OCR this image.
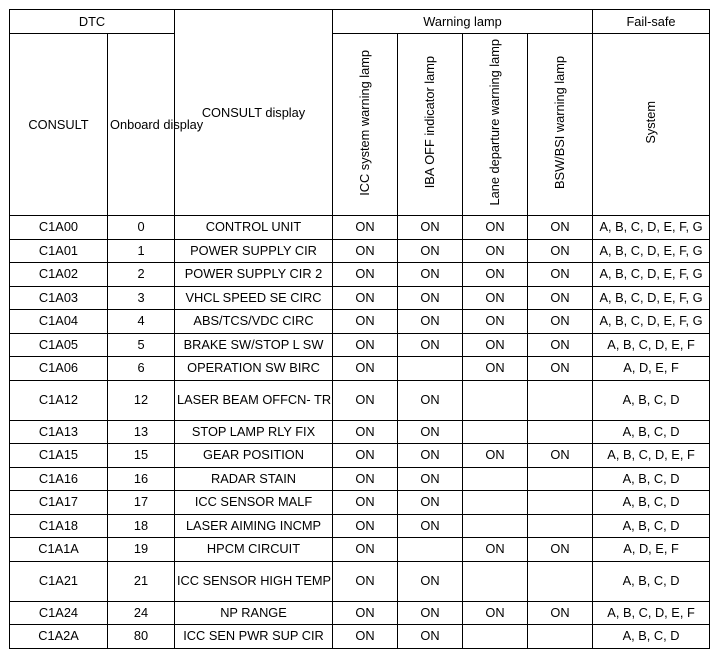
DTC		CONSULT display	Warning lamp				Fail-safe
CONSULT	Onboard display		ICC system warning lamp	IBA OFF indicator lamp	Lane departure warning lamp	BSW/BSI warning lamp	System
C1A00	0	CONTROL UNIT	ON	ON	ON	ON	A, B, C, D, E, F, G
C1A01	1	POWER SUPPLY CIR	ON	ON	ON	ON	A, B, C, D, E, F, G
C1A02	2	POWER SUPPLY CIR 2	ON	ON	ON	ON	A, B, C, D, E, F, G
C1A03	3	VHCL SPEED SE CIRC	ON	ON	ON	ON	A, B, C, D, E, F, G
C1A04	4	ABS/TCS/VDC CIRC	ON	ON	ON	ON	A, B, C, D, E, F, G
C1A05	5	BRAKE SW/STOP L SW	ON	ON	ON	ON	A, B, C, D, E, F
C1A06	6	OPERATION SW BIRC	ON		ON	ON	A, D, E, F
C1A12	12	LASER BEAM OFFCN- TR	ON	ON			A, B, C, D
C1A13	13	STOP LAMP RLY FIX	ON	ON			A, B, C, D
C1A15	15	GEAR POSITION	ON	ON	ON	ON	A, B, C, D, E, F
C1A16	16	RADAR STAIN	ON	ON			A, B, C, D
C1A17	17	ICC SENSOR MALF	ON	ON			A, B, C, D
C1A18	18	LASER AIMING INCMP	ON	ON			A, B, C, D
C1A1A	19	HPCM CIRCUIT	ON		ON	ON	A, D, E, F
C1A21	21	ICC SENSOR HIGH TEMP	ON	ON			A, B, C, D
C1A24	24	NP RANGE	ON	ON	ON	ON	A, B, C, D, E, F
C1A2A	80	ICC SEN PWR SUP CIR	ON	ON			A, B, C, D
